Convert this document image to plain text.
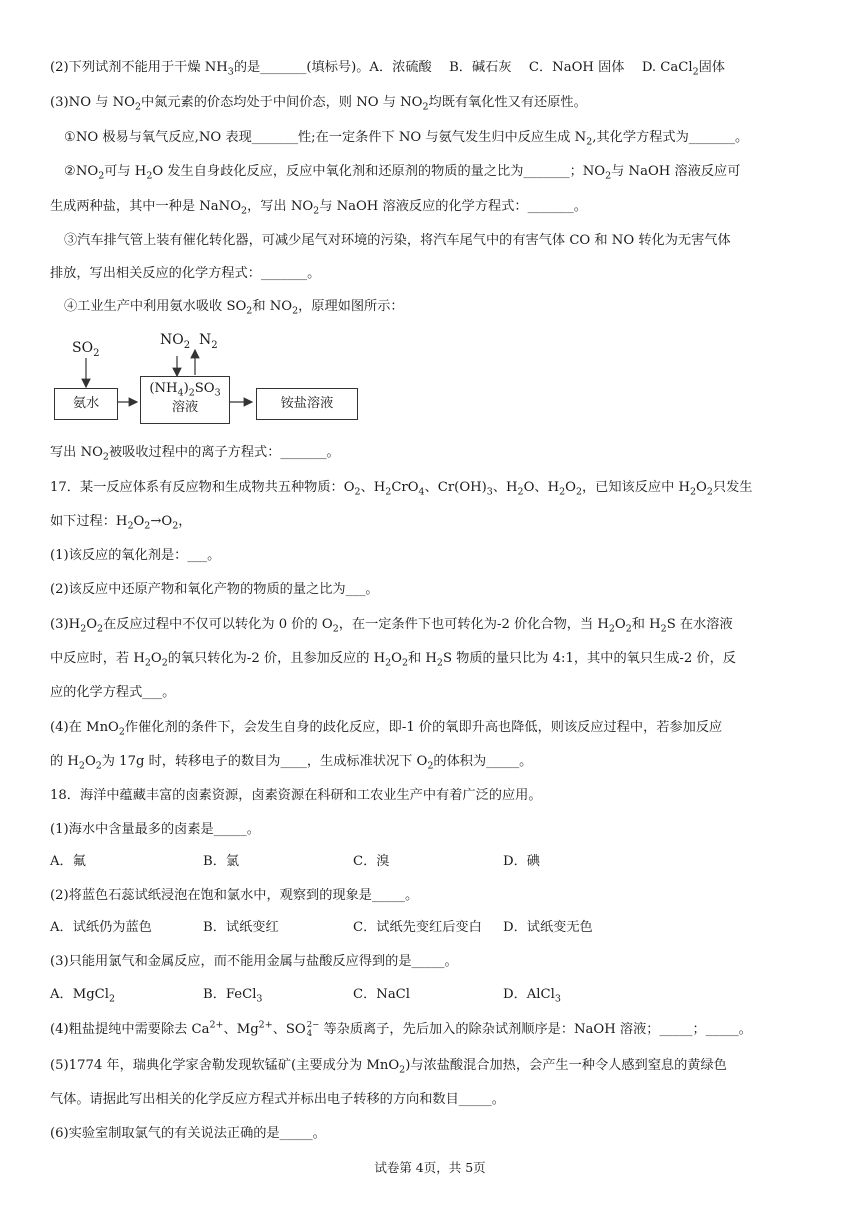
(2)下列试剂不能用于干燥 $NH_3$的是_______(填标号)。A．浓硫酸　 B．碱石灰　 C．NaOH 固体　 D. CaCl$_2$固体
(3)NO 与 $NO_2$中氮元素的价态均处于中间价态，则 NO 与 $NO_2$均既有氧化性又有还原性。
①NO 极易与氧气反应,NO 表现_______性;在一定条件下 NO 与氨气发生归中反应生成 $N_2$,其化学方程式为_______。
$②NO_2$可与 $H_2O$ 发生自身歧化反应，反应中氧化剂和还原剂的物质的量之比为_______；$NO_2$与 NaOH 溶液反应可
生成两种盐，其中一种是 NaNO$_2$，写出 $NO_2$与 NaOH 溶液反应的化学方程式：_______。
③汽车排气管上装有催化转化器，可减少尾气对环境的污染，将汽车尾气中的有害气体 CO 和 NO 转化为无害气体
排放，写出相关反应的化学方程式：_______。
④工业生产中利用氨水吸收 $SO_2$和 $NO_2$，原理如图所示：
$SO_2$
$NO_2$ $N_2$
氨水
$(NH_4)_2SO_3$
溶液	铵盐溶液
写出 $NO_2$被吸收过程中的离子方程式：_______。
17．某一反应体系有反应物和生成物共五种物质：$O_2$、$H_2CrO_4$、$Cr(OH)_3$、$H_2O$、$H_2O_2$，已知该反应中 $H_2O_2$只发生
如下过程：$H_2O_2\to O_2$，
(1)该反应的氧化剂是：___。
(2)该反应中还原产物和氧化产物的物质的量之比为___。
$(3)H_2O_2$在反应过程中不仅可以转化为 0 价的 $O_2$，在一定条件下也可转化为-2 价化合物，当 $H_2O_2$和 $H_2S$ 在水溶液
中反应时，若 $H_2O_2$的氧只转化为-2 价，且参加反应的 $H_2O_2$和 $H_2S$ 物质的量只比为 4:1，其中的氧只生成-2 价，反
应的化学方程式___。
(4)在 MnO$_2$作催化剂的条件下，会发生自身的歧化反应，即-1 价的氧即升高也降低，则该反应过程中，若参加反应
的 $H_2O_2$为 17g 时，转移电子的数目为____，生成标准状况下 $O_2$的体积为_____。
18．海洋中蕴藏丰富的卤素资源，卤素资源在科研和工农业生产中有着广泛的应用。
(1)海水中含量最多的卤素是_____。
A．氟	B．氯	C．溴	D．碘
(2)将蓝色石蕊试纸浸泡在饱和氯水中，观察到的现象是_____。
A．试纸仍为蓝色	B．试纸变红	C．试纸先变红后变白 D．试纸变无色
(3)只能用氯气和金属反应，而不能用金属与盐酸反应得到的是_____。
A．MgCl$_2$	B．FeCl$_3$	C．NaCl	D．AlCl$_3$
(4)粗盐提纯中需要除去 $Ca^{2+}$、$Mg^{2+}$、SO 2−
4 等杂质离子，先后加入的除杂试剂顺序是：NaOH 溶液；_____；_____。
(5)1774 年，瑞典化学家舍勒发现软锰矿(主要成分为 MnO$_2$)与浓盐酸混合加热，会产生一种令人感到窒息的黄绿色
气体。请据此写出相关的化学反应方程式并标出电子转移的方向和数目_____。
(6)实验室制取氯气的有关说法正确的是_____。
试卷第 4页，共 5页
